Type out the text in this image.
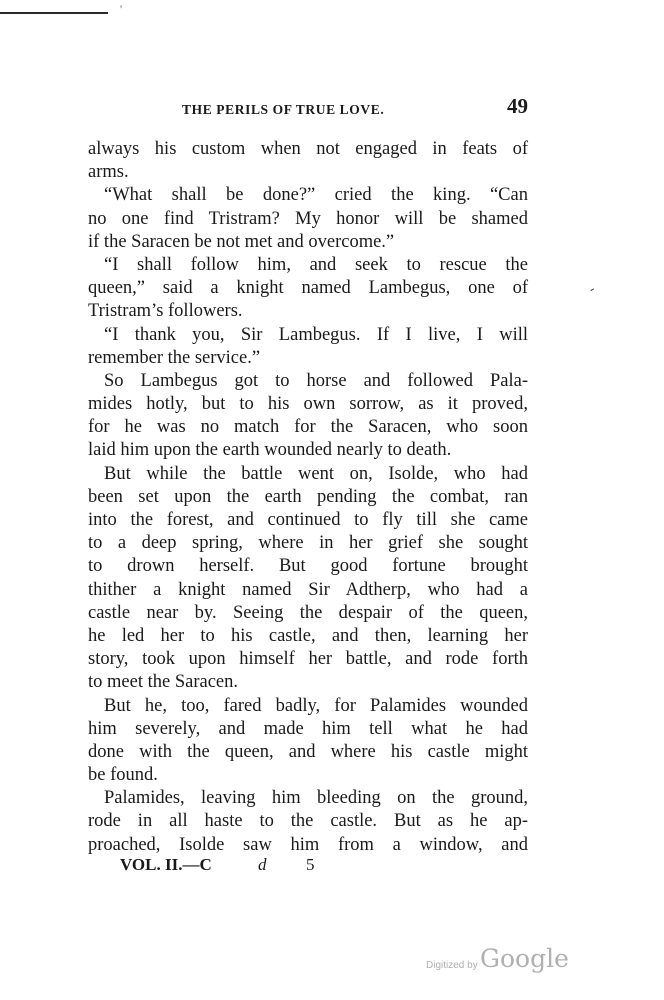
'
THE PERILS OF TRUE LOVE.	49
always his custom when not engaged in feats of
arms.
“What shall be done?” cried the king. “Can
no one find Tristram? My honor will be shamed
if the Saracen be not met and overcome.”
“I shall follow him, and seek to rescue the
queen,” said a knight named Lambegus, one of
Tristram’s followers.
“I thank you, Sir Lambegus. If I live, I will
remember the service.”
So Lambegus got to horse and followed Pala-
mides hotly, but to his own sorrow, as it proved,
for he was no match for the Saracen, who soon
laid him upon the earth wounded nearly to death.
But while the battle went on, Isolde, who had
been set upon the earth pending the combat, ran
into the forest, and continued to fly till she came
to a deep spring, where in her grief she sought
to drown herself. But good fortune brought
thither a knight named Sir Adtherp, who had a
castle near by. Seeing the despair of the queen,
he led her to his castle, and then, learning her
story, took upon himself her battle, and rode forth
to meet the Saracen.
But he, too, fared badly, for Palamides wounded
him severely, and made him tell what he had
done with the queen, and where his castle might
be found.
Palamides, leaving him bleeding on the ground,
rode in all haste to the castle. But as he ap-
proached, Isolde saw him from a window, and
-
VOL. II.—C	d 5
Digitized by Google
